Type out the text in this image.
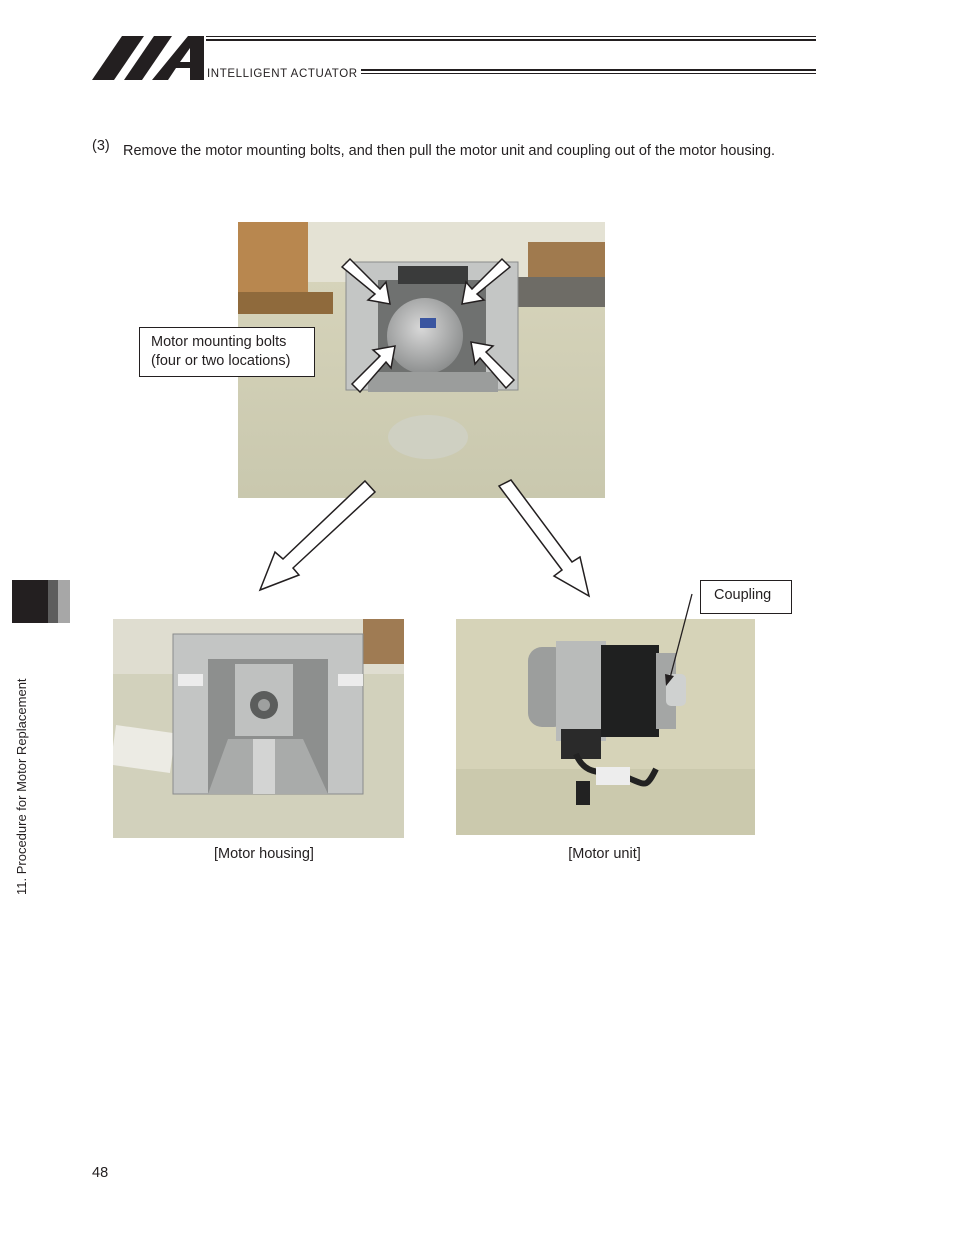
INTELLIGENT ACTUATOR
(3) Remove the motor mounting bolts, and then pull the motor unit and coupling out of the motor housing.
Motor mounting bolts
(four or two locations)
[Motor housing]	[Motor unit]
Coupling
11. Procedure for Motor Replacement
48
